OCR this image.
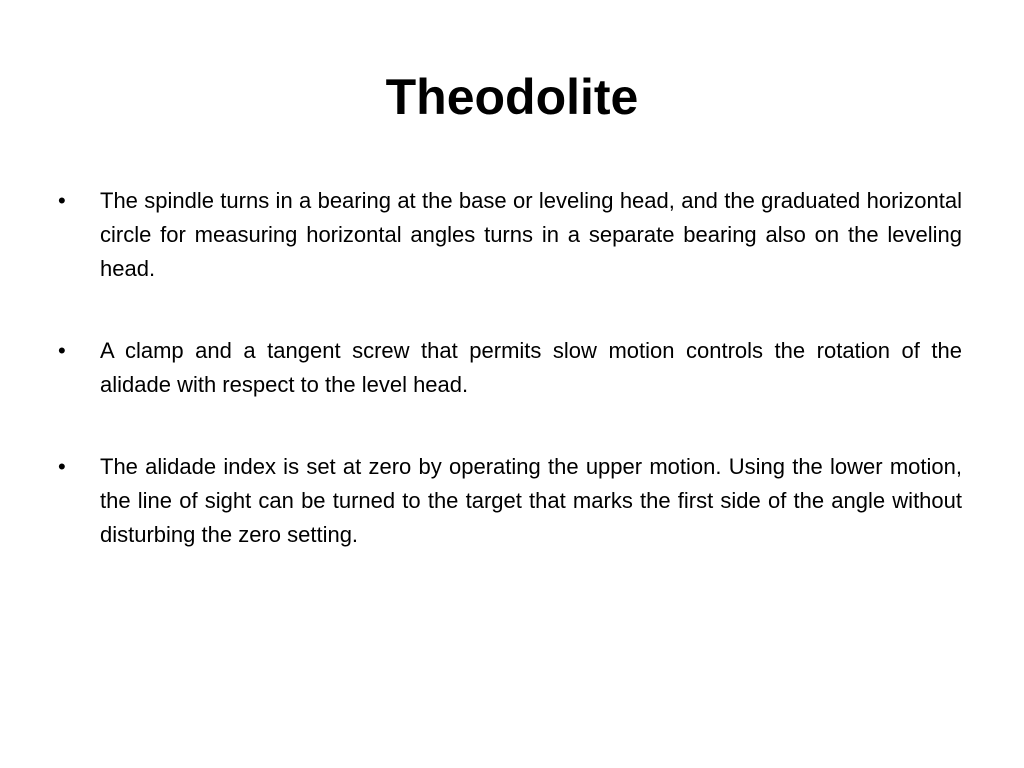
Theodolite
•	The spindle turns in a bearing at the base or leveling head, and the graduated horizontal circle for measuring horizontal angles turns in a separate bearing also on the leveling head.
•	A clamp and a tangent screw that permits slow motion controls the rotation of the alidade with respect to the level head.
•	The alidade index is set at zero by operating the upper motion. Using the lower motion, the line of sight can be turned to the target that marks the first side of the angle without disturbing the zero setting.
